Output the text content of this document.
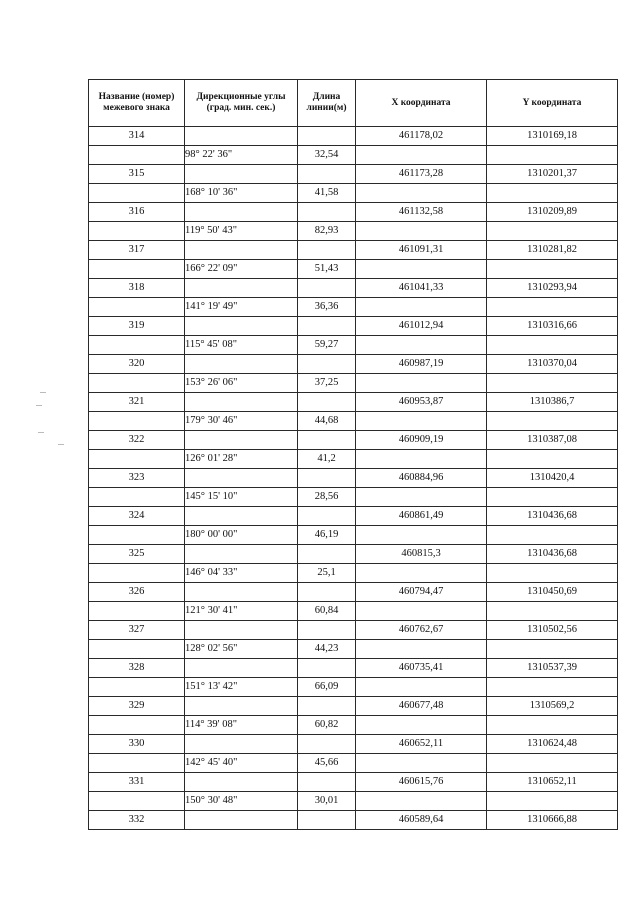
Название (номер) межевого знака	Дирекционные углы (град. мин. сек.)	Длина линии(м)	X координата	Y координата
314			461178,02	1310169,18
	98° 22' 36"	32,54		
315			461173,28	1310201,37
	168° 10' 36"	41,58		
316			461132,58	1310209,89
	119° 50' 43"	82,93		
317			461091,31	1310281,82
	166° 22' 09"	51,43		
318			461041,33	1310293,94
	141° 19' 49"	36,36		
319			461012,94	1310316,66
	115° 45' 08"	59,27		
320			460987,19	1310370,04
	153° 26' 06"	37,25		
321			460953,87	1310386,7
	179° 30' 46"	44,68		
322			460909,19	1310387,08
	126° 01' 28"	41,2		
323			460884,96	1310420,4
	145° 15' 10"	28,56		
324			460861,49	1310436,68
	180° 00' 00"	46,19		
325			460815,3	1310436,68
	146° 04' 33"	25,1		
326			460794,47	1310450,69
	121° 30' 41"	60,84		
327			460762,67	1310502,56
	128° 02' 56"	44,23		
328			460735,41	1310537,39
	151° 13' 42"	66,09		
329			460677,48	1310569,2
	114° 39' 08"	60,82		
330			460652,11	1310624,48
	142° 45' 40"	45,66		
331			460615,76	1310652,11
	150° 30' 48"	30,01		
332			460589,64	1310666,88
